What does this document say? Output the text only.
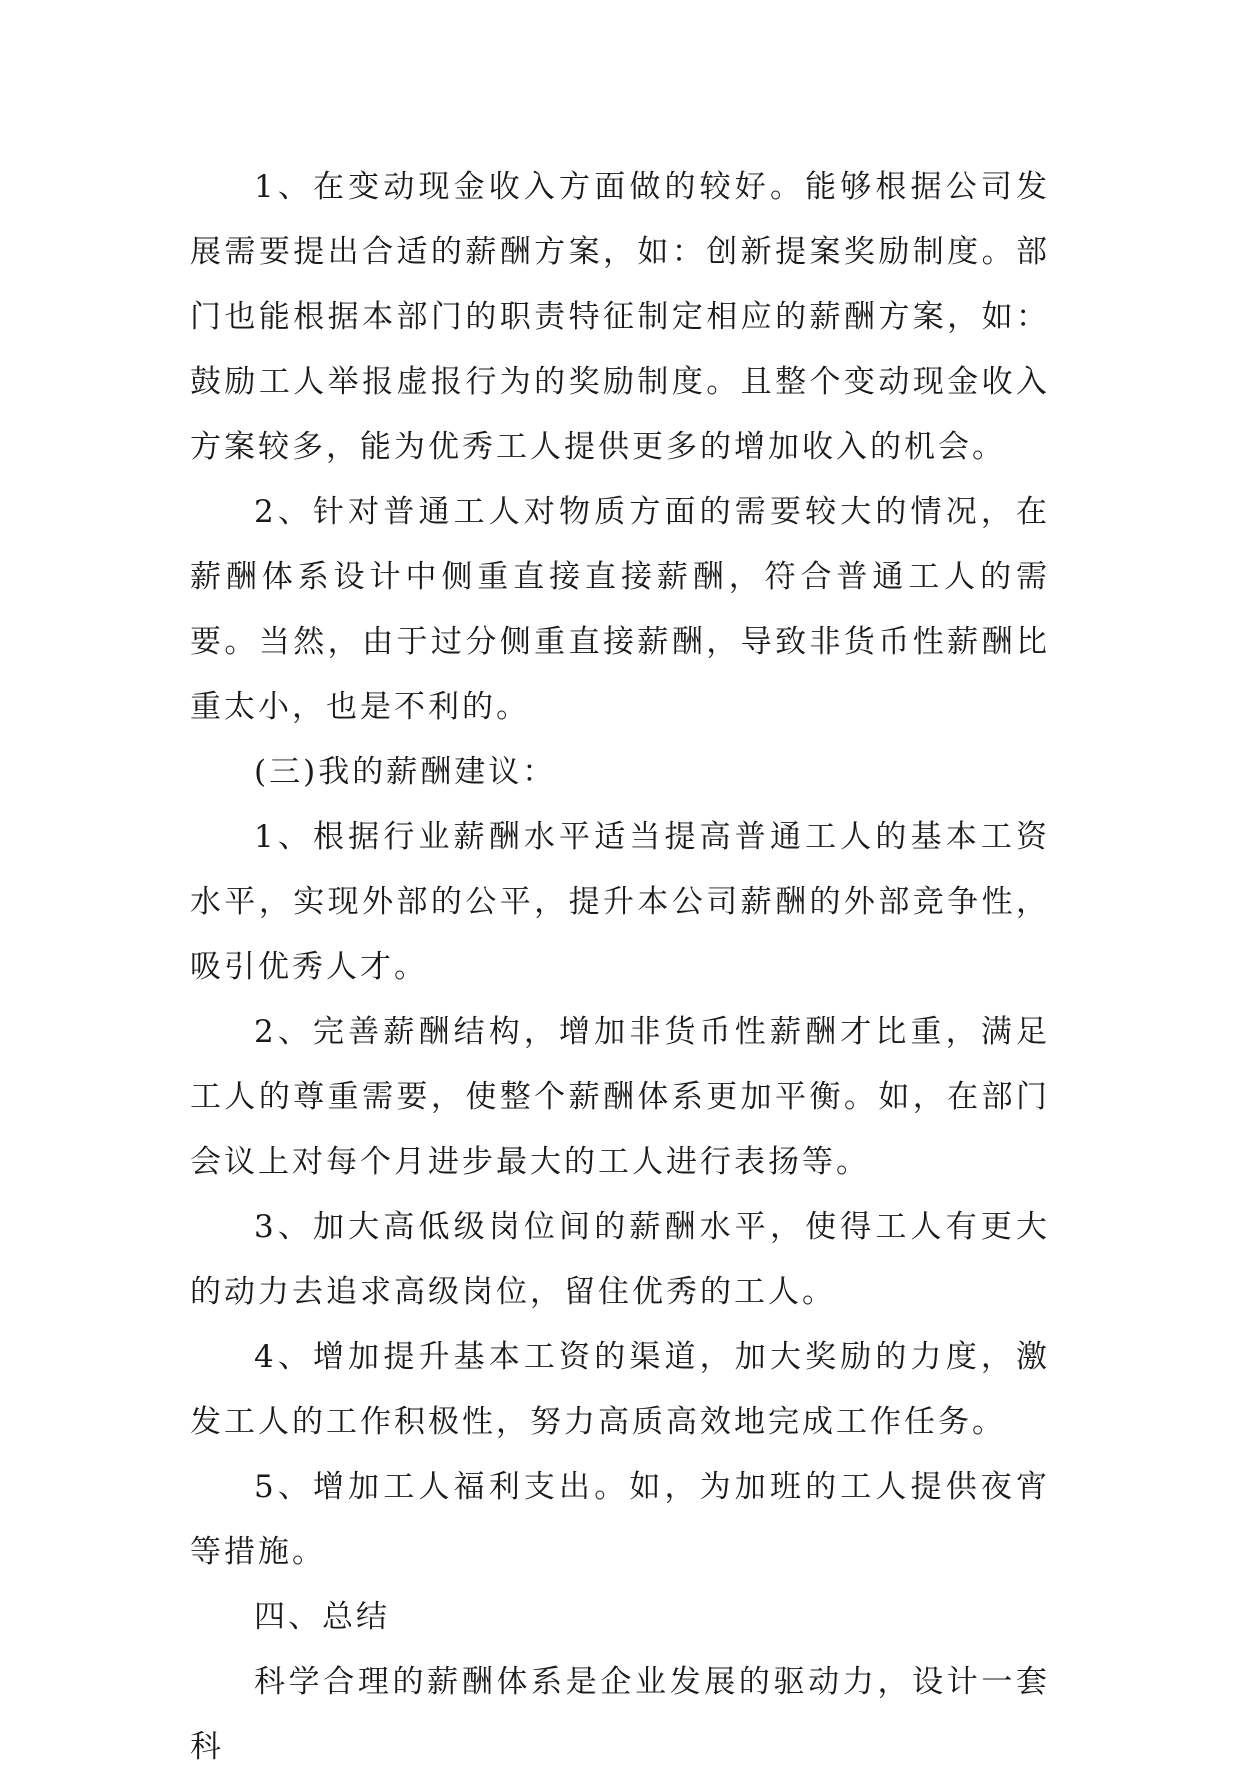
1、在变动现金收入方面做的较好。能够根据公司发展需要提出合适的薪酬方案，如：创新提案奖励制度。部门也能根据本部门的职责特征制定相应的薪酬方案，如：鼓励工人举报虚报行为的奖励制度。且整个变动现金收入方案较多，能为优秀工人提供更多的增加收入的机会。

2、针对普通工人对物质方面的需要较大的情况，在薪酬体系设计中侧重直接直接薪酬，符合普通工人的需要。当然，由于过分侧重直接薪酬，导致非货币性薪酬比重太小，也是不利的。

(三)我的薪酬建议：

1、根据行业薪酬水平适当提高普通工人的基本工资水平，实现外部的公平，提升本公司薪酬的外部竞争性，吸引优秀人才。

2、完善薪酬结构，增加非货币性薪酬才比重，满足工人的尊重需要，使整个薪酬体系更加平衡。如，在部门会议上对每个月进步最大的工人进行表扬等。

3、加大高低级岗位间的薪酬水平，使得工人有更大的动力去追求高级岗位，留住优秀的工人。

4、增加提升基本工资的渠道，加大奖励的力度，激发工人的工作积极性，努力高质高效地完成工作任务。

5、增加工人福利支出。如，为加班的工人提供夜宵等措施。

四、总结

科学合理的薪酬体系是企业发展的驱动力，设计一套科
